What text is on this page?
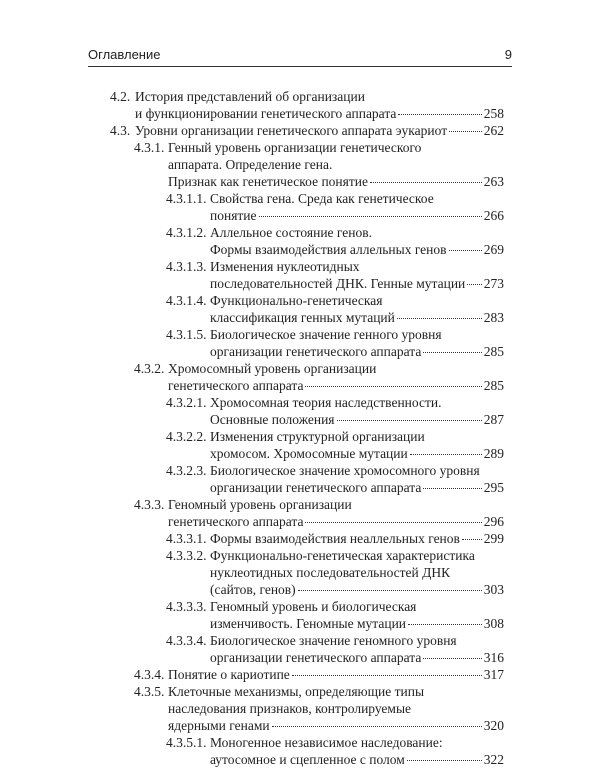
Оглавление	9
4.2. История представлений об организации
и функционировании генетического аппарата	258
4.3. Уровни организации генетического аппарата эукариот	262
4.3.1. Генный уровень организации генетического
аппарата. Определение гена.
Признак как генетическое понятие	263
4.3.1.1. Свойства гена. Среда как генетическое
понятие	266
4.3.1.2. Аллельное состояние генов.
Формы взаимодействия аллельных генов	269
4.3.1.3. Изменения нуклеотидных
последовательностей ДНК. Генные мутации 273
4.3.1.4. Функционально-генетическая
классификация генных мутаций	283
4.3.1.5. Биологическое значение генного уровня
организации генетического аппарата	285
4.3.2. Хромосомный уровень организации
генетического аппарата	285
4.3.2.1. Хромосомная теория наследственности.
Основные положения	287
4.3.2.2. Изменения структурной организации
хромосом. Хромосомные мутации	289
4.3.2.3. Биологическое значение хромосомного уровня
организации генетического аппарата	295
4.3.3. Геномный уровень организации
генетического аппарата	296
4.3.3.1. Формы взаимодействия неаллельных генов 299
4.3.3.2. Функционально-генетическая характеристика
нуклеотидных последовательностей ДНК
(сайтов, генов)	303
4.3.3.3. Геномный уровень и биологическая
изменчивость. Геномные мутации	308
4.3.3.4. Биологическое значение геномного уровня
организации генетического аппарата	316
4.3.4. Понятие о кариотипе	317
4.3.5. Клеточные механизмы, определяющие типы
наследования признаков, контролируемые
ядерными генами	320
4.3.5.1. Моногенное независимое наследование:
аутосомное и сцепленное с полом	322
